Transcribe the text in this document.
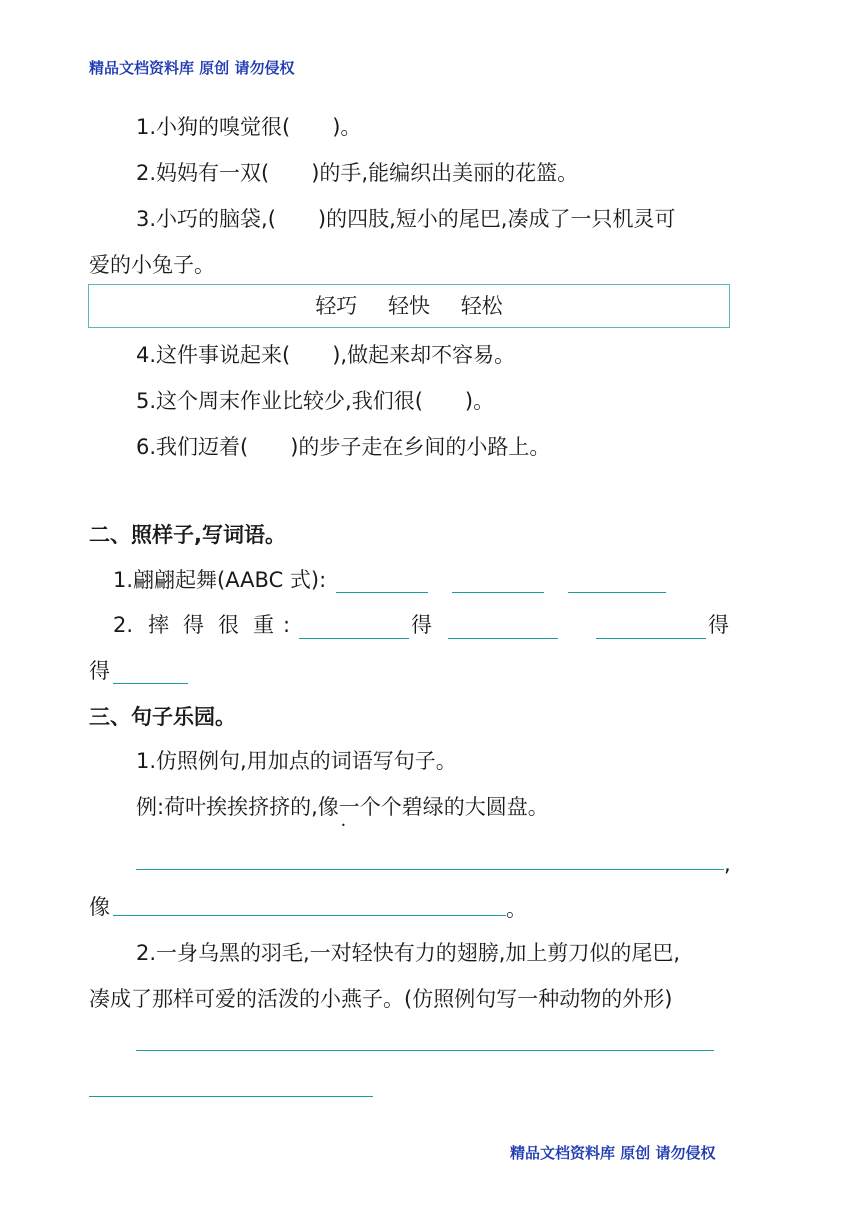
精品文档资料库 原创 请勿侵权
1.小狗的嗅觉很(　　)。
2.妈妈有一双(　　)的手,能编织出美丽的花篮。
3.小巧的脑袋,(　　)的四肢,短小的尾巴,凑成了一只机灵可
爱的小兔子。
轻巧 轻快 轻松
4.这件事说起来(　　),做起来却不容易。
5.这个周末作业比较少,我们很(　　)。
6.我们迈着(　　)的步子走在乡间的小路上。
二、照样子,写词语。
1.翩翩起舞(AABC 式):
2. 摔 得 很 重 :	得	得
得
三、句子乐园。
1.仿照例句,用加点的词语写句子。
例:荷叶挨挨挤挤的,像一个个碧绿的大圆盘。
•
,
像	。
2.一身乌黑的羽毛,一对轻快有力的翅膀,加上剪刀似的尾巴,
凑成了那样可爱的活泼的小燕子。(仿照例句写一种动物的外形)
精品文档资料库 原创 请勿侵权
